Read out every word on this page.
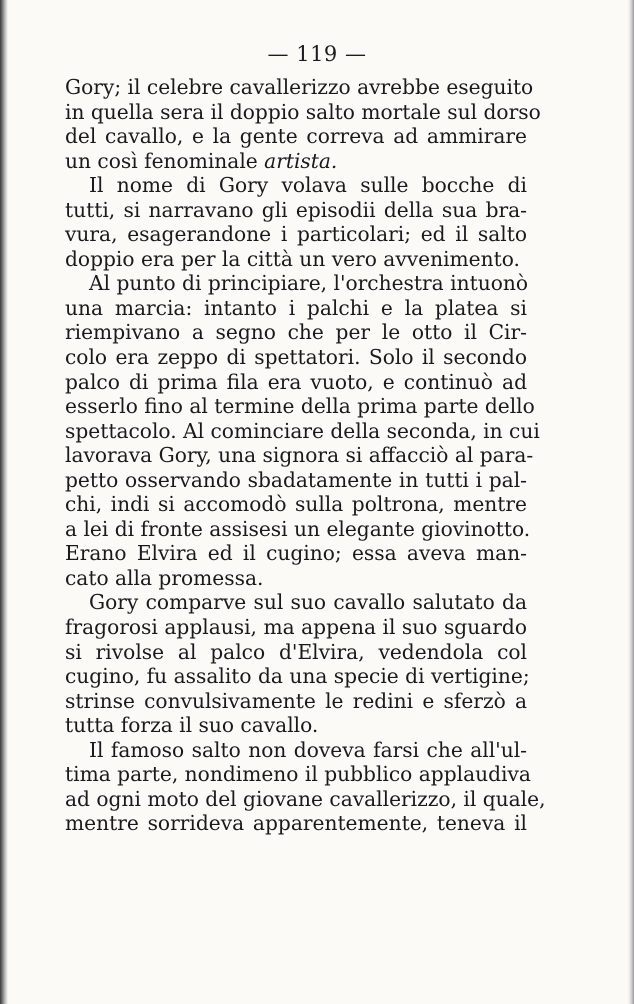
— 119 —
Gory; il celebre cavallerizzo avrebbe eseguito
in quella sera il doppio salto mortale sul dorso
del cavallo, e la gente correva ad ammirare
un così fenominale artista.
Il nome di Gory volava sulle bocche di
tutti, si narravano gli episodii della sua bra-
vura, esagerandone i particolari; ed il salto
doppio era per la città un vero avvenimento.
Al punto di principiare, l'orchestra intuonò
una marcia: intanto i palchi e la platea si
riempivano a segno che per le otto il Cir-
colo era zeppo di spettatori. Solo il secondo
palco di prima fila era vuoto, e continuò ad
esserlo fino al termine della prima parte dello
spettacolo. Al cominciare della seconda, in cui
lavorava Gory, una signora si affacciò al para-
petto osservando sbadatamente in tutti i pal-
chi, indi si accomodò sulla poltrona, mentre
a lei di fronte assisesi un elegante giovinotto.
Erano Elvira ed il cugino; essa aveva man-
cato alla promessa.
Gory comparve sul suo cavallo salutato da
fragorosi applausi, ma appena il suo sguardo
si rivolse al palco d'Elvira, vedendola col
cugino, fu assalito da una specie di vertigine;
strinse convulsivamente le redini e sferzò a
tutta forza il suo cavallo.
Il famoso salto non doveva farsi che all'ul-
tima parte, nondimeno il pubblico applaudiva
ad ogni moto del giovane cavallerizzo, il quale,
mentre sorrideva apparentemente, teneva il
